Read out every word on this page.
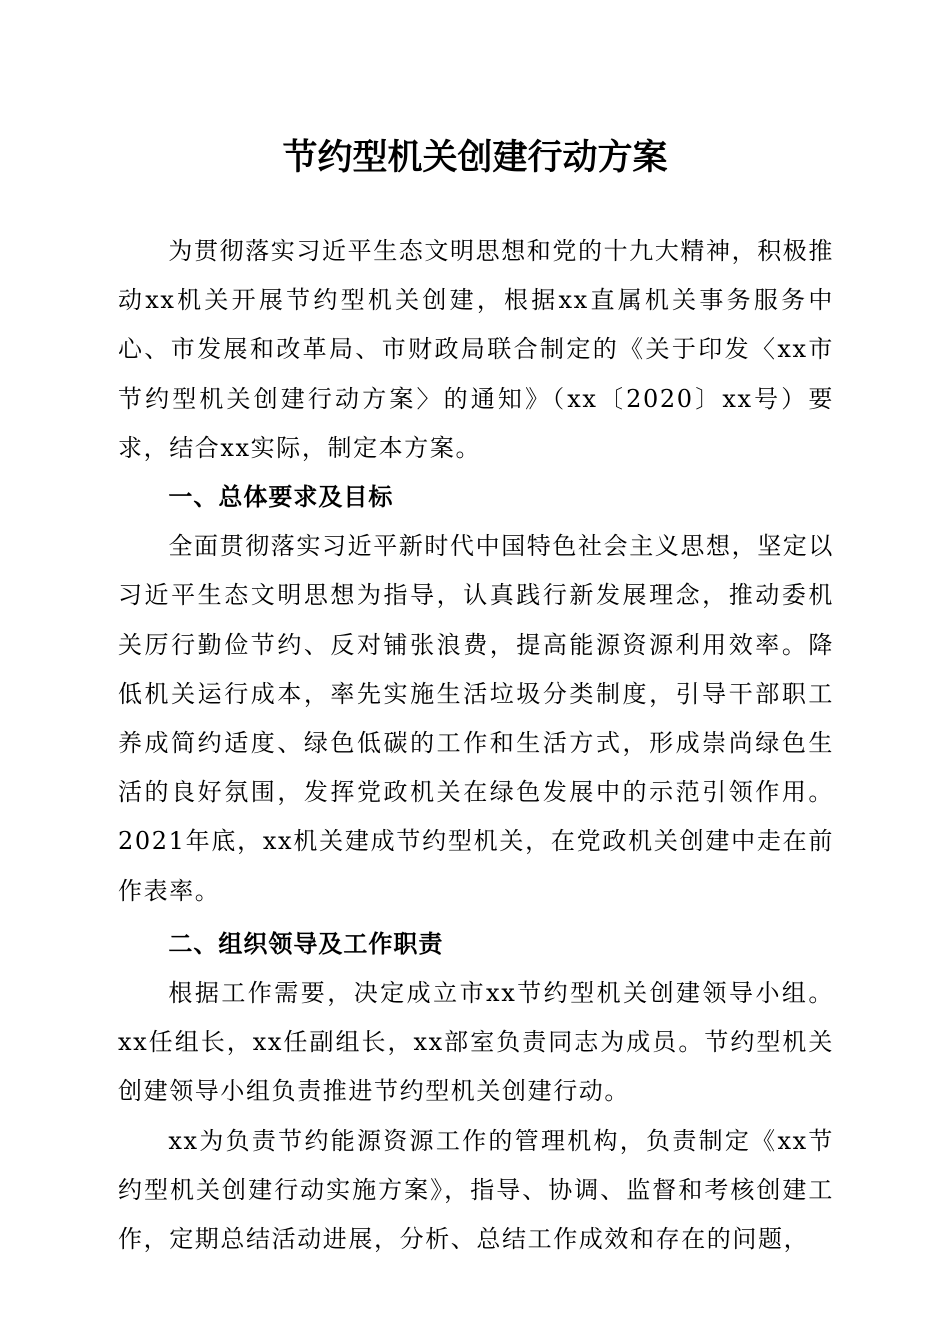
节约型机关创建行动方案

为贯彻落实习近平生态文明思想和党的十九大精神，积极推动xx机关开展节约型机关创建，根据xx直属机关事务服务中心、市发展和改革局、市财政局联合制定的《关于印发〈xx市节约型机关创建行动方案〉的通知》（xx〔2020〕xx号）要求，结合xx实际，制定本方案。

一、总体要求及目标

全面贯彻落实习近平新时代中国特色社会主义思想，坚定以习近平生态文明思想为指导，认真践行新发展理念，推动委机关厉行勤俭节约、反对铺张浪费，提高能源资源利用效率。降低机关运行成本，率先实施生活垃圾分类制度，引导干部职工养成简约适度、绿色低碳的工作和生活方式，形成崇尚绿色生活的良好氛围，发挥党政机关在绿色发展中的示范引领作用。2021年底，xx机关建成节约型机关，在党政机关创建中走在前作表率。

二、组织领导及工作职责

根据工作需要，决定成立市xx节约型机关创建领导小组。xx任组长，xx任副组长，xx部室负责同志为成员。节约型机关创建领导小组负责推进节约型机关创建行动。

xx为负责节约能源资源工作的管理机构，负责制定《xx节约型机关创建行动实施方案》，指导、协调、监督和考核创建工作，定期总结活动进展，分析、总结工作成效和存在的问题，
